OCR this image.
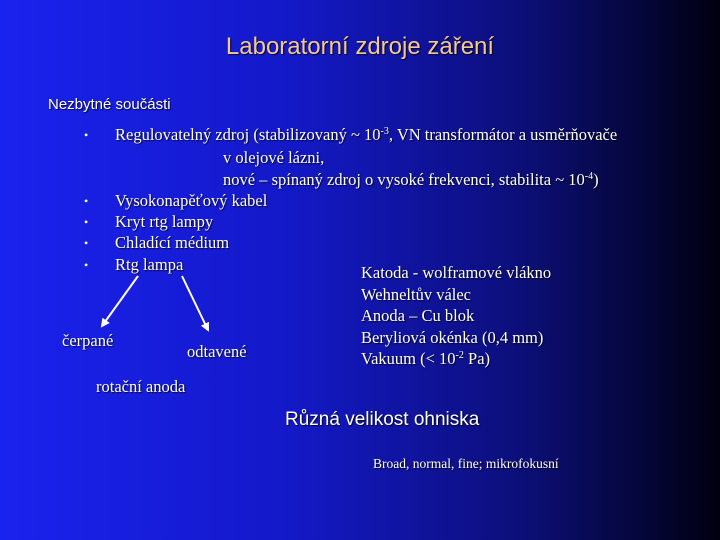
Laboratorní zdroje záření
Nezbytné součásti
•
•
•
•
•
Regulovatelný zdroj (stabilizovaný ~ $10^{-3}$, VN transformátor a usměrňovače
v olejové lázni,
nové – spínaný zdroj o vysoké frekvenci, stabilita ~ $10^{-4}$)
Vysokonapěťový kabel
Kryt rtg lampy
Chladící médium
Rtg lampa
čerpané
odtavené
rotační anoda
Katoda - wolframové vlákno
Wehneltův válec
Anoda – Cu blok
Beryliová okénka (0,4 mm)
Vakuum (< $10^{-2}$ Pa)
Různá velikost ohniska
Broad, normal, fine; mikrofokusní
